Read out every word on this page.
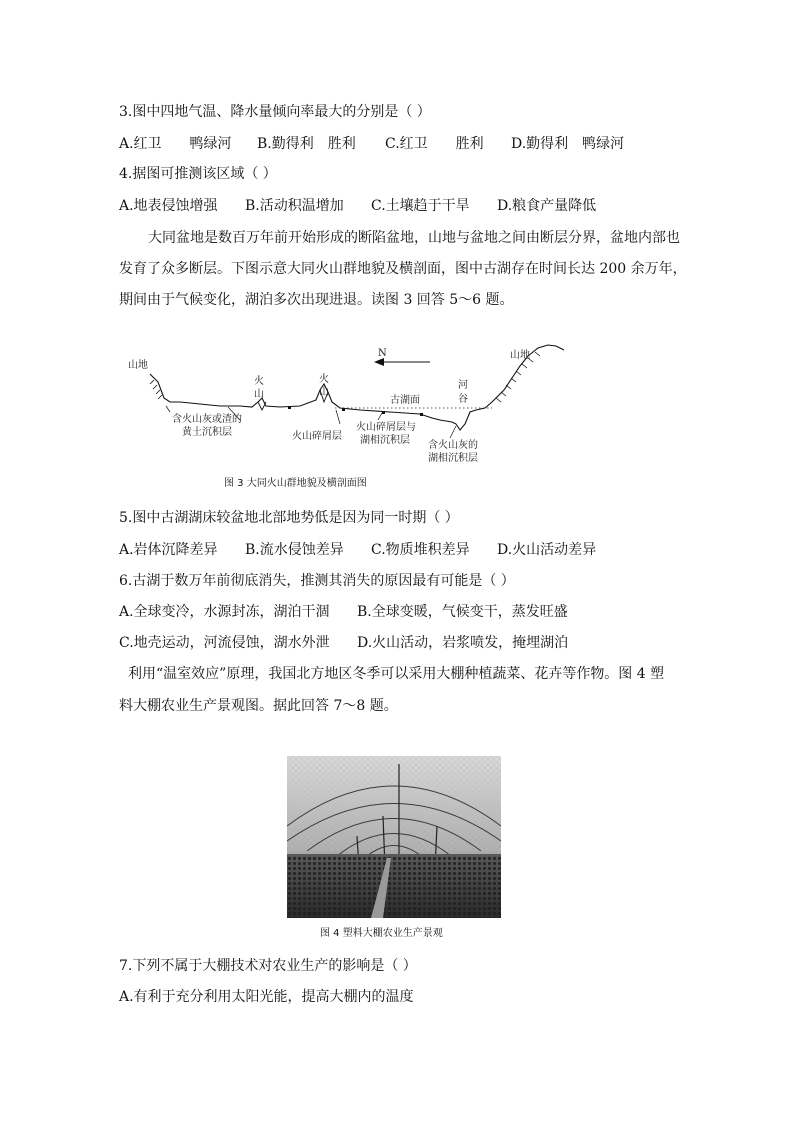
3.图中四地气温、降水量倾向率最大的分别是（ ）
A.红卫　　鸭绿河 B.勤得利　胜利 C.红卫　　胜利 D.勤得利　鸭绿河
4.据图可推测该区域（ ）
A.地表侵蚀增强 B.活动积温增加 C.土壤趋于干旱 D.粮食产量降低
大同盆地是数百万年前开始形成的断陷盆地，山地与盆地之间由断层分界，盆地内部也
发育了众多断层。下图示意大同火山群地貌及横剖面，图中古湖存在时间长达 200 余万年，
期间由于气候变化，湖泊多次出现进退。读图 3 回答 5～6 题。
N
山地
山地
火
山
火
山
古湖面
河
谷
含火山灰或渣的
黄土沉积层	火山碎屑层
火山碎屑层与
湖相沉积层 含火山灰的
湖相沉积层
图 3 大同火山群地貌及横剖面图
5.图中古湖湖床较盆地北部地势低是因为同一时期（ ）
A.岩体沉降差异 B.流水侵蚀差异 C.物质堆积差异 D.火山活动差异
6.古湖于数万年前彻底消失，推测其消失的原因最有可能是（ ）
A.全球变冷，水源封冻，湖泊干涸 B.全球变暖，气候变干，蒸发旺盛
C.地壳运动，河流侵蚀，湖水外泄 D.火山活动，岩浆喷发，掩埋湖泊
利用“温室效应”原理，我国北方地区冬季可以采用大棚种植蔬菜、花卉等作物。图 4 塑
料大棚农业生产景观图。据此回答 7～8 题。
图 4 塑料大棚农业生产景观
7.下列不属于大棚技术对农业生产的影响是（ ）
A.有利于充分利用太阳光能，提高大棚内的温度
